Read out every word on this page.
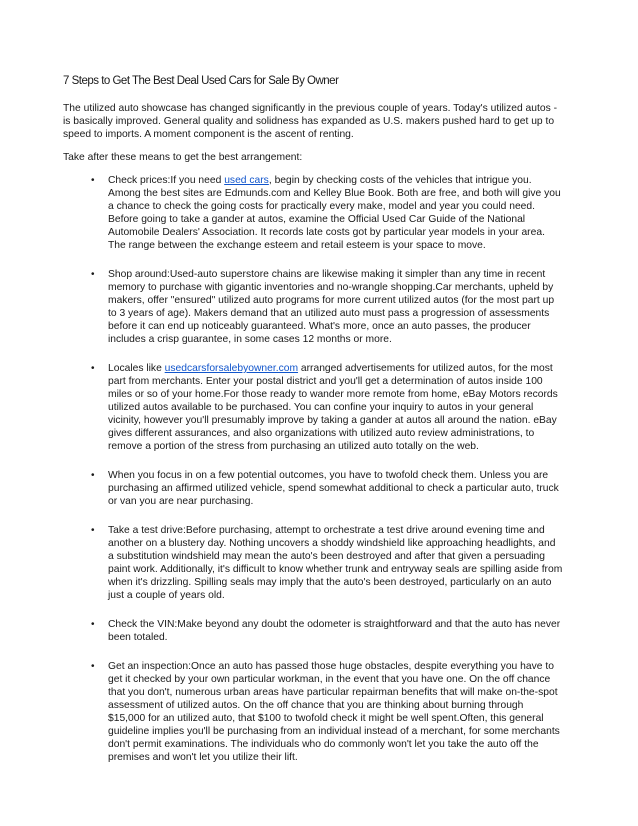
7 Steps to Get The Best Deal Used Cars for Sale By Owner

The utilized auto showcase has changed significantly in the previous couple of years. Today's utilized autos - is basically improved. General quality and solidness has expanded as U.S. makers pushed hard to get up to speed to imports. A moment component is the ascent of renting.

Take after these means to get the best arrangement:

• Check prices:If you need used cars, begin by checking costs of the vehicles that intrigue you. Among the best sites are Edmunds.com and Kelley Blue Book. Both are free, and both will give you a chance to check the going costs for practically every make, model and year you could need. Before going to take a gander at autos, examine the Official Used Car Guide of the National Automobile Dealers' Association. It records late costs got by particular year models in your area. The range between the exchange esteem and retail esteem is your space to move.
• Shop around:Used-auto superstore chains are likewise making it simpler than any time in recent memory to purchase with gigantic inventories and no-wrangle shopping.Car merchants, upheld by makers, offer "ensured" utilized auto programs for more current utilized autos (for the most part up to 3 years of age). Makers demand that an utilized auto must pass a progression of assessments before it can end up noticeably guaranteed. What's more, once an auto passes, the producer includes a crisp guarantee, in some cases 12 months or more.
• Locales like usedcarsforsalebyowner.com arranged advertisements for utilized autos, for the most part from merchants. Enter your postal district and you'll get a determination of autos inside 100 miles or so of your home.For those ready to wander more remote from home, eBay Motors records utilized autos available to be purchased. You can confine your inquiry to autos in your general vicinity, however you'll presumably improve by taking a gander at autos all around the nation. eBay gives different assurances, and also organizations with utilized auto review administrations, to remove a portion of the stress from purchasing an utilized auto totally on the web.
• When you focus in on a few potential outcomes, you have to twofold check them. Unless you are purchasing an affirmed utilized vehicle, spend somewhat additional to check a particular auto, truck or van you are near purchasing.
• Take a test drive:Before purchasing, attempt to orchestrate a test drive around evening time and another on a blustery day. Nothing uncovers a shoddy windshield like approaching headlights, and a substitution windshield may mean the auto's been destroyed and after that given a persuading paint work. Additionally, it's difficult to know whether trunk and entryway seals are spilling aside from when it's drizzling. Spilling seals may imply that the auto's been destroyed, particularly on an auto just a couple of years old.
• Check the VIN:Make beyond any doubt the odometer is straightforward and that the auto has never been totaled.
• Get an inspection:Once an auto has passed those huge obstacles, despite everything you have to get it checked by your own particular workman, in the event that you have one. On the off chance that you don't, numerous urban areas have particular repairman benefits that will make on-the-spot assessment of utilized autos. On the off chance that you are thinking about burning through $15,000 for an utilized auto, that $100 to twofold check it might be well spent.Often, this general guideline implies you'll be purchasing from an individual instead of a merchant, for some merchants don't permit examinations. The individuals who do commonly won't let you take the auto off the premises and won't let you utilize their lift.
